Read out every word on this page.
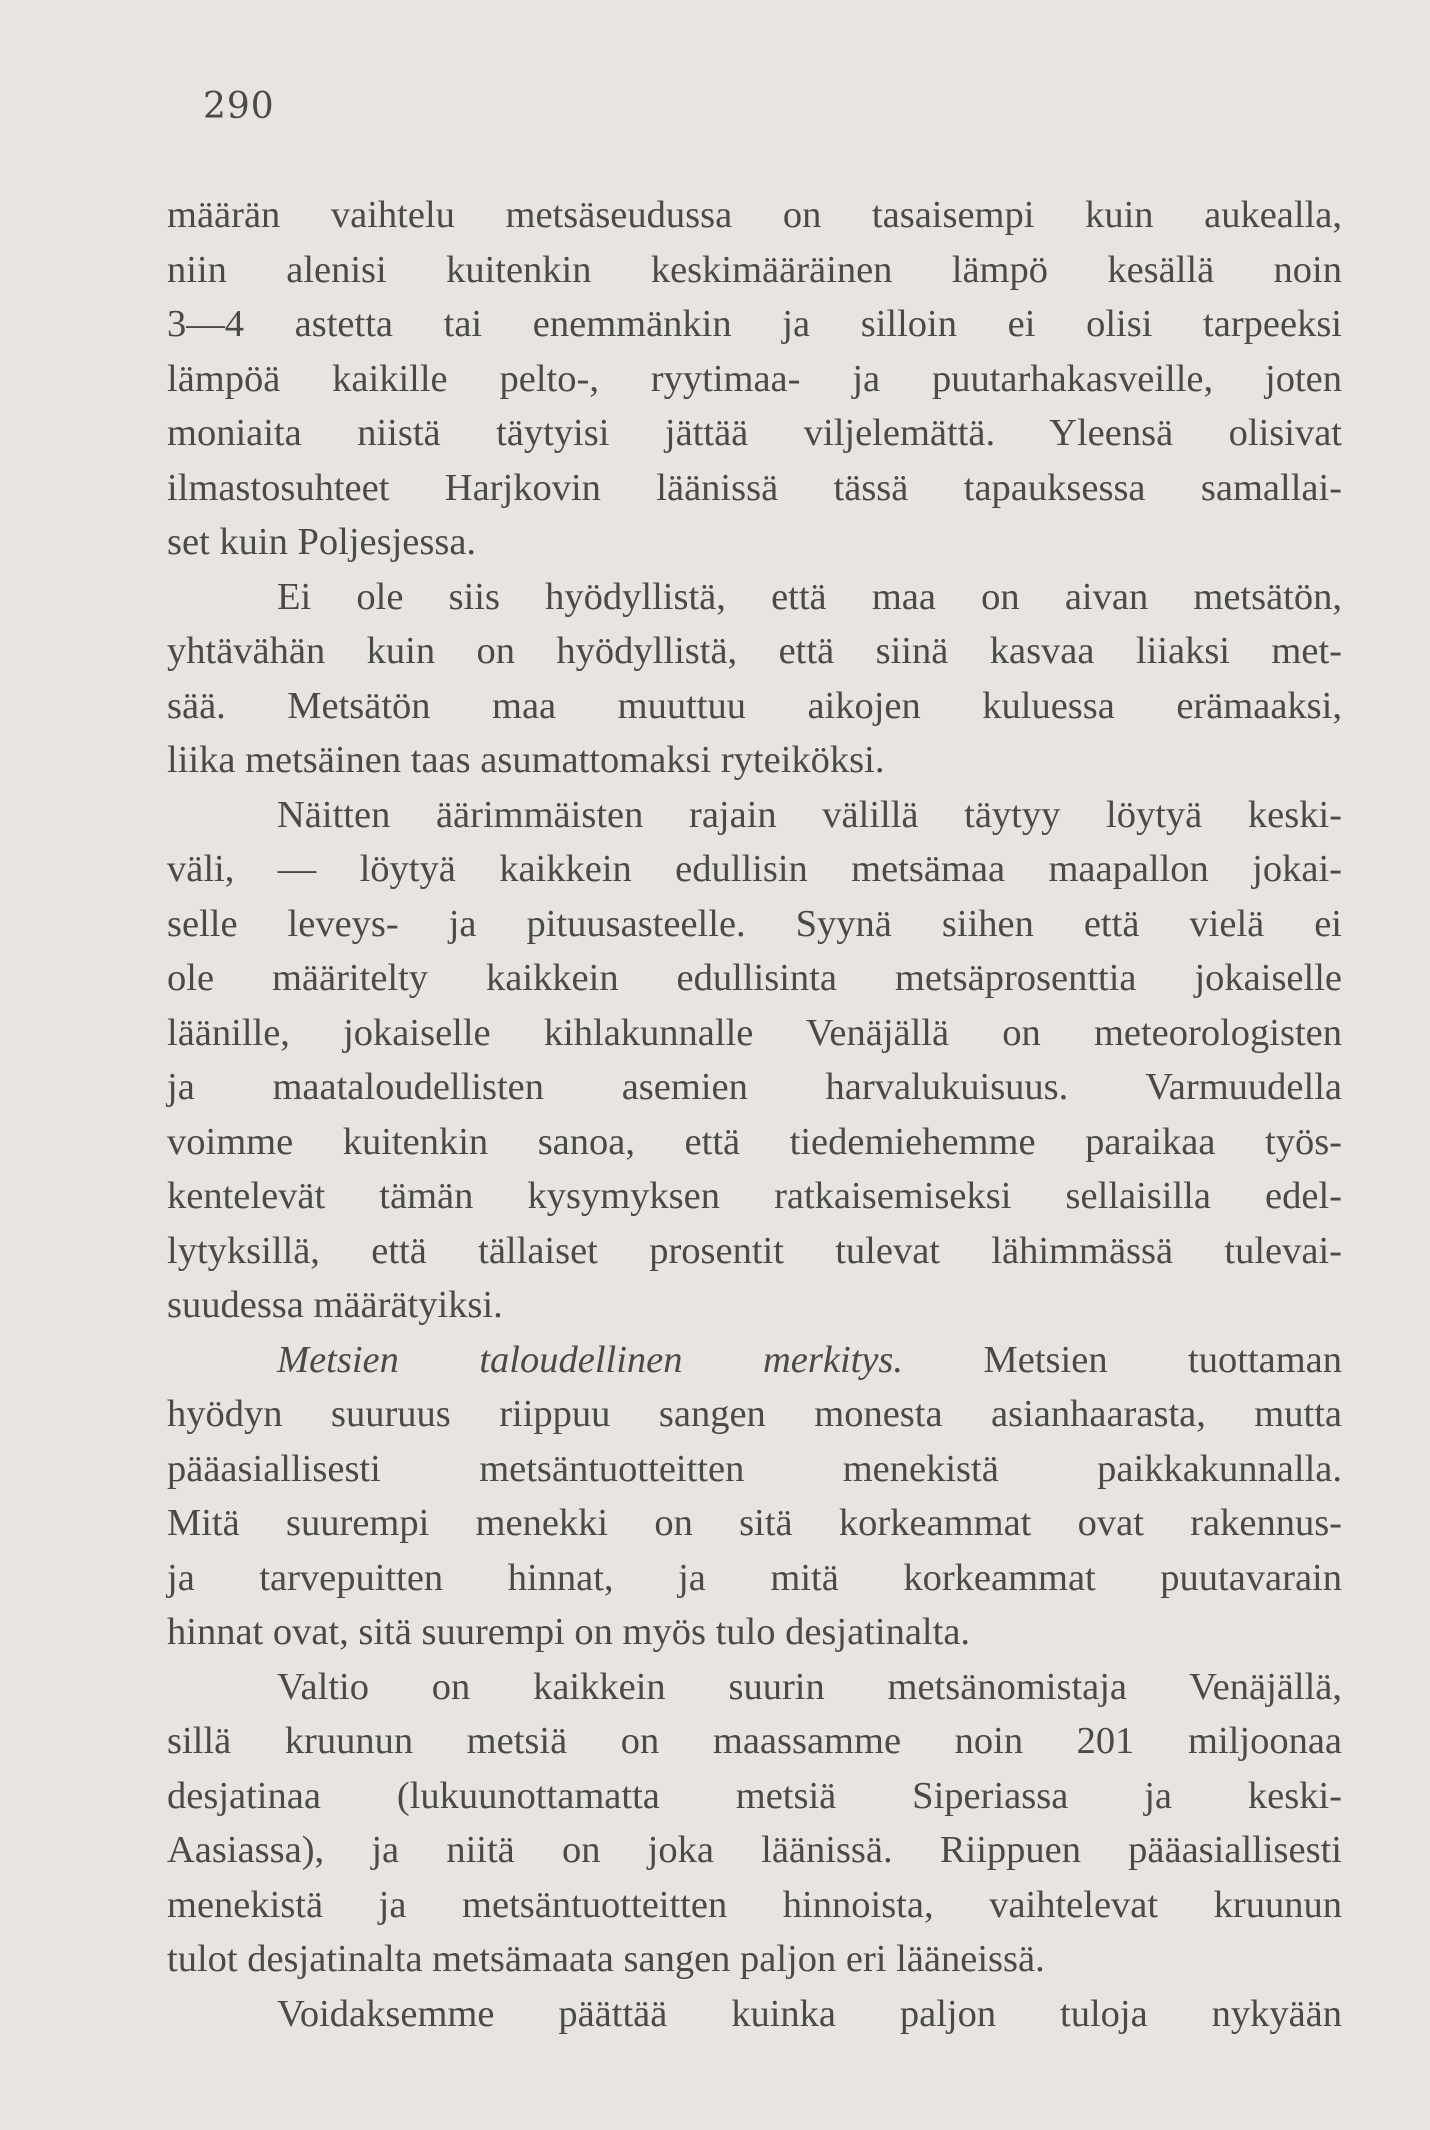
290
määrän vaihtelu metsäseudussa on tasaisempi kuin aukealla,
niin alenisi kuitenkin keskimääräinen lämpö kesällä noin
3—4 astetta tai enemmänkin ja silloin ei olisi tarpeeksi
lämpöä kaikille pelto-, ryytimaa- ja puutarhakasveille, joten
moniaita niistä täytyisi jättää viljelemättä. Yleensä olisivat
ilmastosuhteet Harjkovin läänissä tässä tapauksessa samallai-
set kuin Poljesjessa.
Ei ole siis hyödyllistä, että maa on aivan metsätön,
yhtävähän kuin on hyödyllistä, että siinä kasvaa liiaksi met-
sää. Metsätön maa muuttuu aikojen kuluessa erämaaksi,
liika metsäinen taas asumattomaksi ryteiköksi.
Näitten äärimmäisten rajain välillä täytyy löytyä keski-
väli, — löytyä kaikkein edullisin metsämaa maapallon jokai-
selle leveys- ja pituusasteelle. Syynä siihen että vielä ei
ole määritelty kaikkein edullisinta metsäprosenttia jokaiselle
läänille, jokaiselle kihlakunnalle Venäjällä on meteorologisten
ja maataloudellisten asemien harvalukuisuus. Varmuudella
voimme kuitenkin sanoa, että tiedemiehemme paraikaa työs-
kentelevät tämän kysymyksen ratkaisemiseksi sellaisilla edel-
lytyksillä, että tällaiset prosentit tulevat lähimmässä tulevai-
suudessa määrätyiksi.
Metsien taloudellinen merkitys. Metsien tuottaman
hyödyn suuruus riippuu sangen monesta asianhaarasta, mutta
pääasiallisesti metsäntuotteitten menekistä paikkakunnalla.
Mitä suurempi menekki on sitä korkeammat ovat rakennus-
ja tarvepuitten hinnat, ja mitä korkeammat puutavarain
hinnat ovat, sitä suurempi on myös tulo desjatinalta.
Valtio on kaikkein suurin metsänomistaja Venäjällä,
sillä kruunun metsiä on maassamme noin 201 miljoonaa
desjatinaa (lukuunottamatta metsiä Siperiassa ja keski-
Aasiassa), ja niitä on joka läänissä. Riippuen pääasiallisesti
menekistä ja metsäntuotteitten hinnoista, vaihtelevat kruunun
tulot desjatinalta metsämaata sangen paljon eri lääneissä.
Voidaksemme päättää kuinka paljon tuloja nykyään
